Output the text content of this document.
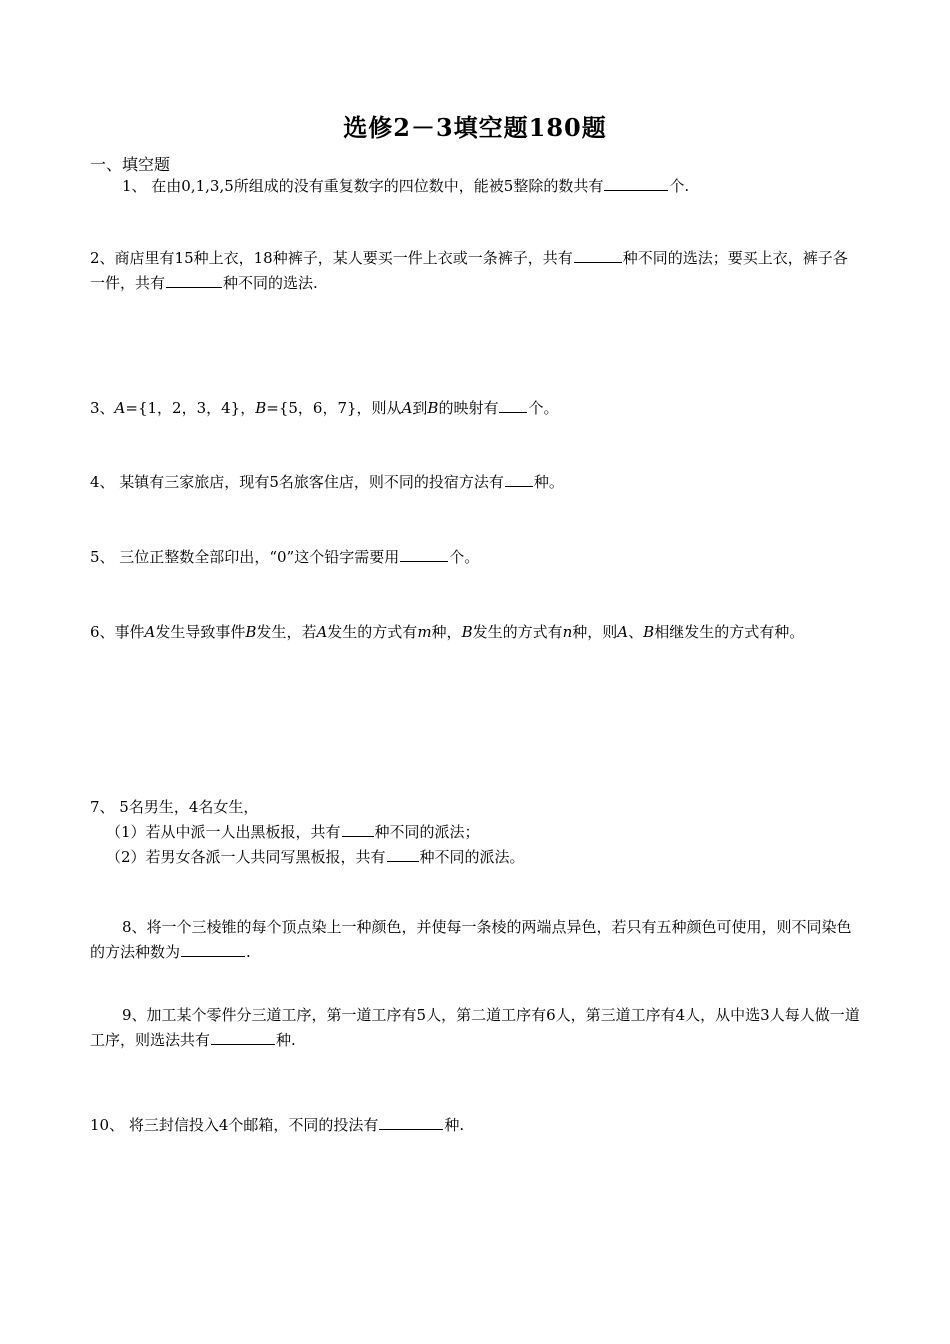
选修2－3填空题180题
一、填空题
1、 在由0,1,3,5所组成的没有重复数字的四位数中，能被5整除的数共有	个.
2、商店里有15种上衣，18种裤子，某人要买一件上衣或一条裤子，共有	种不同的选法；要买上衣，裤子各一件，共有	种不同的选法.
3、A={1，2，3，4}，B={5，6，7}，则从A到B的映射有 个。
4、 某镇有三家旅店，现有5名旅客住店，则不同的投宿方法有 种。
5、 三位正整数全部印出，“0”这个铅字需要用	个。
6、事件A发生导致事件B发生，若A发生的方式有m种，B发生的方式有n种，则A、B相继发生的方式有种。
7、 5名男生，4名女生，
（1）若从中派一人出黑板报，共有 种不同的派法；
（2）若男女各派一人共同写黑板报，共有 种不同的派法。
8、将一个三棱锥的每个顶点染上一种颜色，并使每一条棱的两端点异色，若只有五种颜色可使用，则不同染色的方法种数为	.
9、加工某个零件分三道工序，第一道工序有5人，第二道工序有6人，第三道工序有4人，从中选3人每人做一道工序，则选法共有	种.
10、 将三封信投入4个邮箱，不同的投法有	种.
